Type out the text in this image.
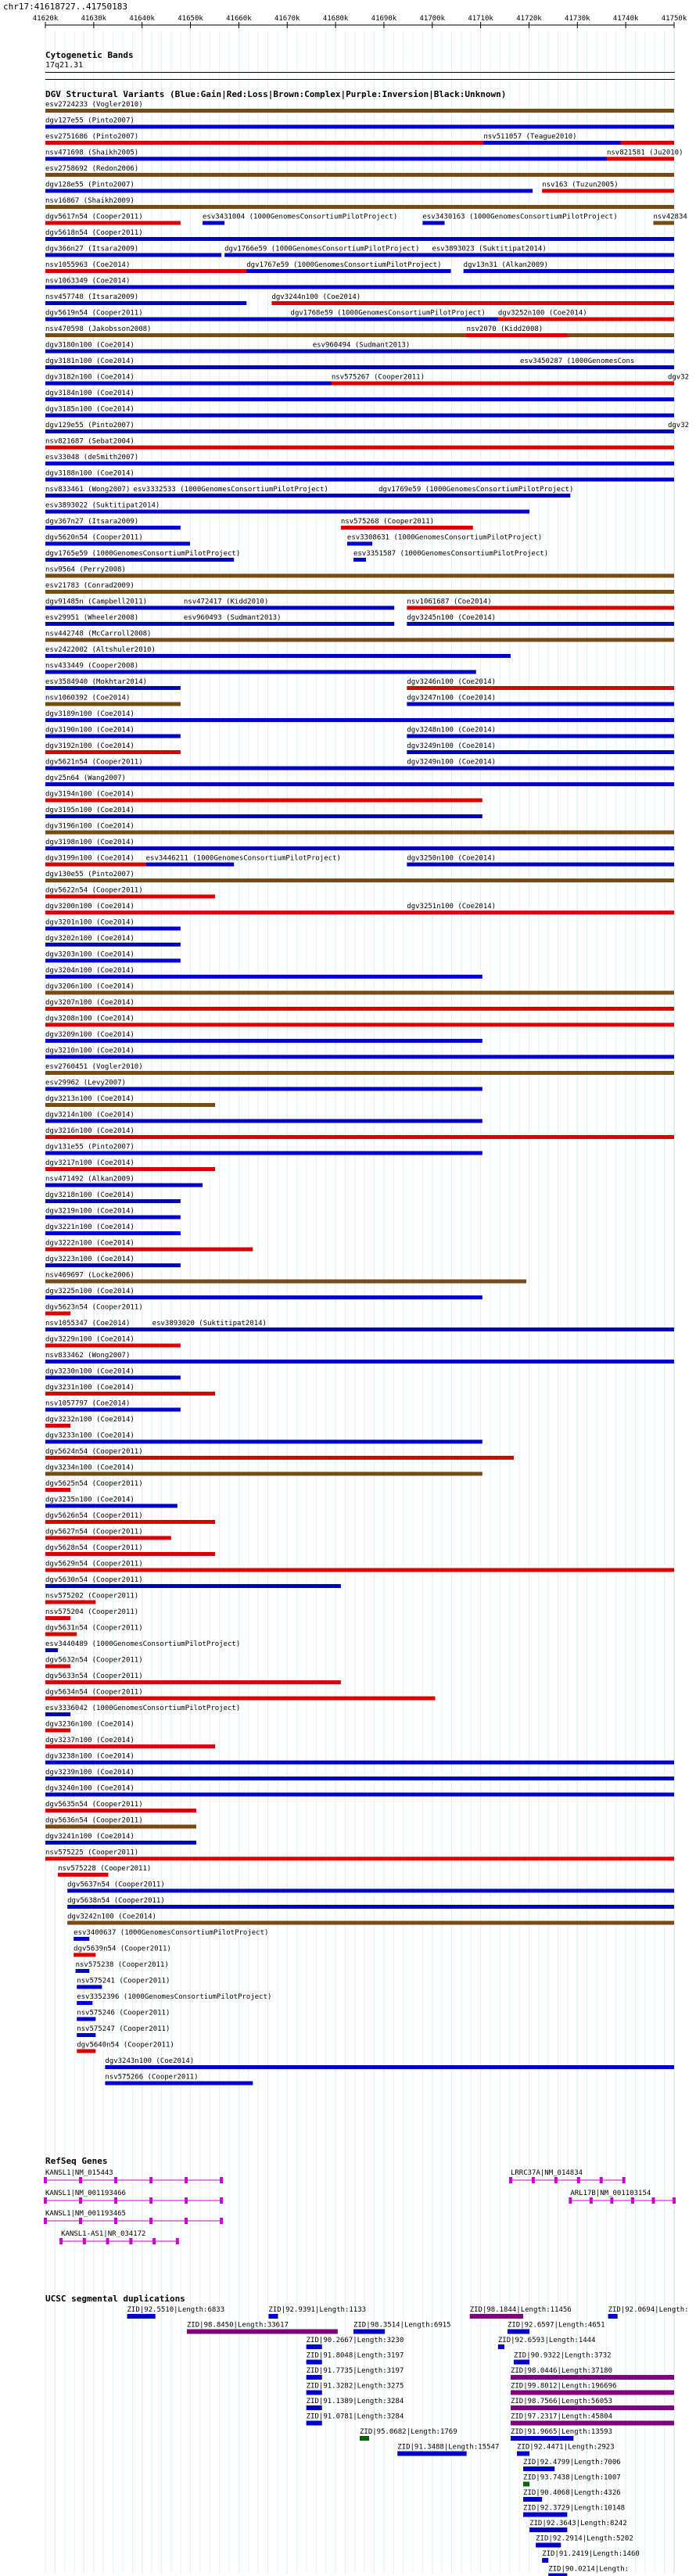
chr17:41618727..41750183
41620k	41630k	41640k	41650k	41660k	41670k	41680k	41690k	41700k	41710k	41720k	41730k	41740k	41750k
Cytogenetic Bands
17q21.31
DGV Structural Variants (Blue:Gain|Red:Loss|Brown:Complex|Purple:Inversion|Black:Unknown)
RefSeq Genes
UCSC segmental duplications
esv2724233 (Vogler2010)
dgv127e55 (Pinto2007)
esv2751686 (Pinto2007)	nsv511057 (Teague2010)
nsv471698 (Shaikh2005)	nsv821581 (Ju2010)
esv2758692 (Redon2006)
dgv128e55 (Pinto2007)	nsv163 (Tuzun2005)
nsv16867 (Shaikh2009)
dgv5617n54 (Cooper2011)	esv3431004 (1000GenomesConsortiumPilotProject)	esv3430163 (1000GenomesConsortiumPilotProject)	nsv42834
dgv5618n54 (Cooper2011)
dgv366n27 (Itsara2009)	dgv1766e59 (1000GenomesConsortiumPilotProject) esv3893023 (Suktitipat2014)
nsv1055963 (Coe2014)	dgv1767e59 (1000GenomesConsortiumPilotProject)	dgv13n31 (Alkan2009)
nsv1063349 (Coe2014)
nsv457748 (Itsara2009)	dgv3244n100 (Coe2014)
dgv5619n54 (Cooper2011)	dgv1768e59 (1000GenomesConsortiumPilotProject) dgv3252n100 (Coe2014)
nsv470598 (Jakobsson2008)	nsv2070 (Kidd2008)
dgv3180n100 (Coe2014)	esv960494 (Sudmant2013)
dgv3181n100 (Coe2014)	esv3450287 (1000GenomesCons
dgv3182n100 (Coe2014)	nsv575267 (Cooper2011)	dgv32
dgv3184n100 (Coe2014)
dgv3185n100 (Coe2014)
dgv129e55 (Pinto2007)	dgv32
nsv821687 (Sebat2004)
esv33048 (deSmith2007)
dgv3188n100 (Coe2014)
nsv833461 (Wong2007) esv3332533 (1000GenomesConsortiumPilotProject)	dgv1769e59 (1000GenomesConsortiumPilotProject)
esv3893022 (Suktitipat2014)
dgv367n27 (Itsara2009)	nsv575268 (Cooper2011)
dgv5620n54 (Cooper2011)	esv3308631 (1000GenomesConsortiumPilotProject)
dgv1765e59 (1000GenomesConsortiumPilotProject)	esv3351587 (1000GenomesConsortiumPilotProject)
nsv9564 (Perry2008)
esv21783 (Conrad2009)
dgv91485n (Campbell2011)	nsv472417 (Kidd2010)	nsv1061687 (Coe2014)
esv29951 (Wheeler2008)	esv960493 (Sudmant2013)	dgv3245n100 (Coe2014)
nsv442748 (McCarroll2008)
esv2422002 (Altshuler2010)
nsv433449 (Cooper2008)
esv3584940 (Mokhtar2014)	dgv3246n100 (Coe2014)
nsv1060392 (Coe2014)	dgv3247n100 (Coe2014)
dgv3189n100 (Coe2014)
dgv3190n100 (Coe2014)	dgv3248n100 (Coe2014)
dgv3192n100 (Coe2014)	dgv3249n100 (Coe2014)
dgv5621n54 (Cooper2011)	dgv3249n100 (Coe2014)
dgv25n64 (Wang2007)
dgv3194n100 (Coe2014)
dgv3195n100 (Coe2014)
dgv3196n100 (Coe2014)
dgv3198n100 (Coe2014)
dgv3199n100 (Coe2014) esv3446211 (1000GenomesConsortiumPilotProject)	dgv3250n100 (Coe2014)
dgv130e55 (Pinto2007)
dgv5622n54 (Cooper2011)
dgv3200n100 (Coe2014)	dgv3251n100 (Coe2014)
dgv3201n100 (Coe2014)
dgv3202n100 (Coe2014)
dgv3203n100 (Coe2014)
dgv3204n100 (Coe2014)
dgv3206n100 (Coe2014)
dgv3207n100 (Coe2014)
dgv3208n100 (Coe2014)
dgv3209n100 (Coe2014)
dgv3210n100 (Coe2014)
esv2760451 (Vogler2010)
esv29962 (Levy2007)
dgv3213n100 (Coe2014)
dgv3214n100 (Coe2014)
dgv3216n100 (Coe2014)
dgv131e55 (Pinto2007)
dgv3217n100 (Coe2014)
nsv471492 (Alkan2009)
dgv3218n100 (Coe2014)
dgv3219n100 (Coe2014)
dgv3221n100 (Coe2014)
dgv3222n100 (Coe2014)
dgv3223n100 (Coe2014)
nsv469697 (Locke2006)
dgv3225n100 (Coe2014)
dgv5623n54 (Cooper2011)
nsv1055347 (Coe2014)	esv3893020 (Suktitipat2014)
dgv3229n100 (Coe2014)
nsv833462 (Wong2007)
dgv3230n100 (Coe2014)
dgv3231n100 (Coe2014)
nsv1057797 (Coe2014)
dgv3232n100 (Coe2014)
dgv3233n100 (Coe2014)
dgv5624n54 (Cooper2011)
dgv3234n100 (Coe2014)
dgv5625n54 (Cooper2011)
dgv3235n100 (Coe2014)
dgv5626n54 (Cooper2011)
dgv5627n54 (Cooper2011)
dgv5628n54 (Cooper2011)
dgv5629n54 (Cooper2011)
dgv5630n54 (Cooper2011)
nsv575202 (Cooper2011)
nsv575204 (Cooper2011)
dgv5631n54 (Cooper2011)
esv3440489 (1000GenomesConsortiumPilotProject)
dgv5632n54 (Cooper2011)
dgv5633n54 (Cooper2011)
dgv5634n54 (Cooper2011)
esv3336042 (1000GenomesConsortiumPilotProject)
dgv3236n100 (Coe2014)
dgv3237n100 (Coe2014)
dgv3238n100 (Coe2014)
dgv3239n100 (Coe2014)
dgv3240n100 (Coe2014)
dgv5635n54 (Cooper2011)
dgv5636n54 (Cooper2011)
dgv3241n100 (Coe2014)
nsv575225 (Cooper2011)
nsv575228 (Cooper2011)
dgv5637n54 (Cooper2011)
dgv5638n54 (Cooper2011)
dgv3242n100 (Coe2014)
esv3400637 (1000GenomesConsortiumPilotProject)
dgv5639n54 (Cooper2011)
nsv575238 (Cooper2011)
nsv575241 (Cooper2011)
esv3352396 (1000GenomesConsortiumPilotProject)
nsv575246 (Cooper2011)
nsv575247 (Cooper2011)
dgv5640n54 (Cooper2011)
dgv3243n100 (Coe2014)
nsv575266 (Cooper2011)
KANSL1|NM_015443	LRRC37A|NM_014834
KANSL1|NM_001193466	ARL17B|NM_001103154
KANSL1|NM_001193465
KANSL1-AS1|NR_034172
ZID|92.5510|Length:6833	ZID|92.9391|Length:1133	ZID|98.1844|Length:11456	ZID|92.0694|Length:
ZID|98.8450|Length:33617	ZID|98.3514|Length:6915	ZID|92.6597|Length:4651
ZID|90.2667|Length:3230	ZID|92.6593|Length:1444
ZID|91.8048|Length:3197	ZID|90.9322|Length:3732
ZID|91.7735|Length:3197	ZID|98.0446|Length:37180
ZID|91.3282|Length:3275	ZID|99.8012|Length:196696
ZID|91.1389|Length:3284	ZID|98.7566|Length:56053
ZID|91.0781|Length:3284	ZID|97.2317|Length:45804
ZID|95.0682|Length:1769	ZID|91.9665|Length:13593
ZID|91.3488|Length:15547	ZID|92.4471|Length:2923
ZID|92.4799|Length:7006
ZID|93.7438|Length:1007
ZID|90.4068|Length:4326
ZID|92.3729|Length:10148
ZID|92.3643|Length:8242
ZID|92.2914|Length:5202
ZID|91.2419|Length:1460
ZID|90.0214|Length:
